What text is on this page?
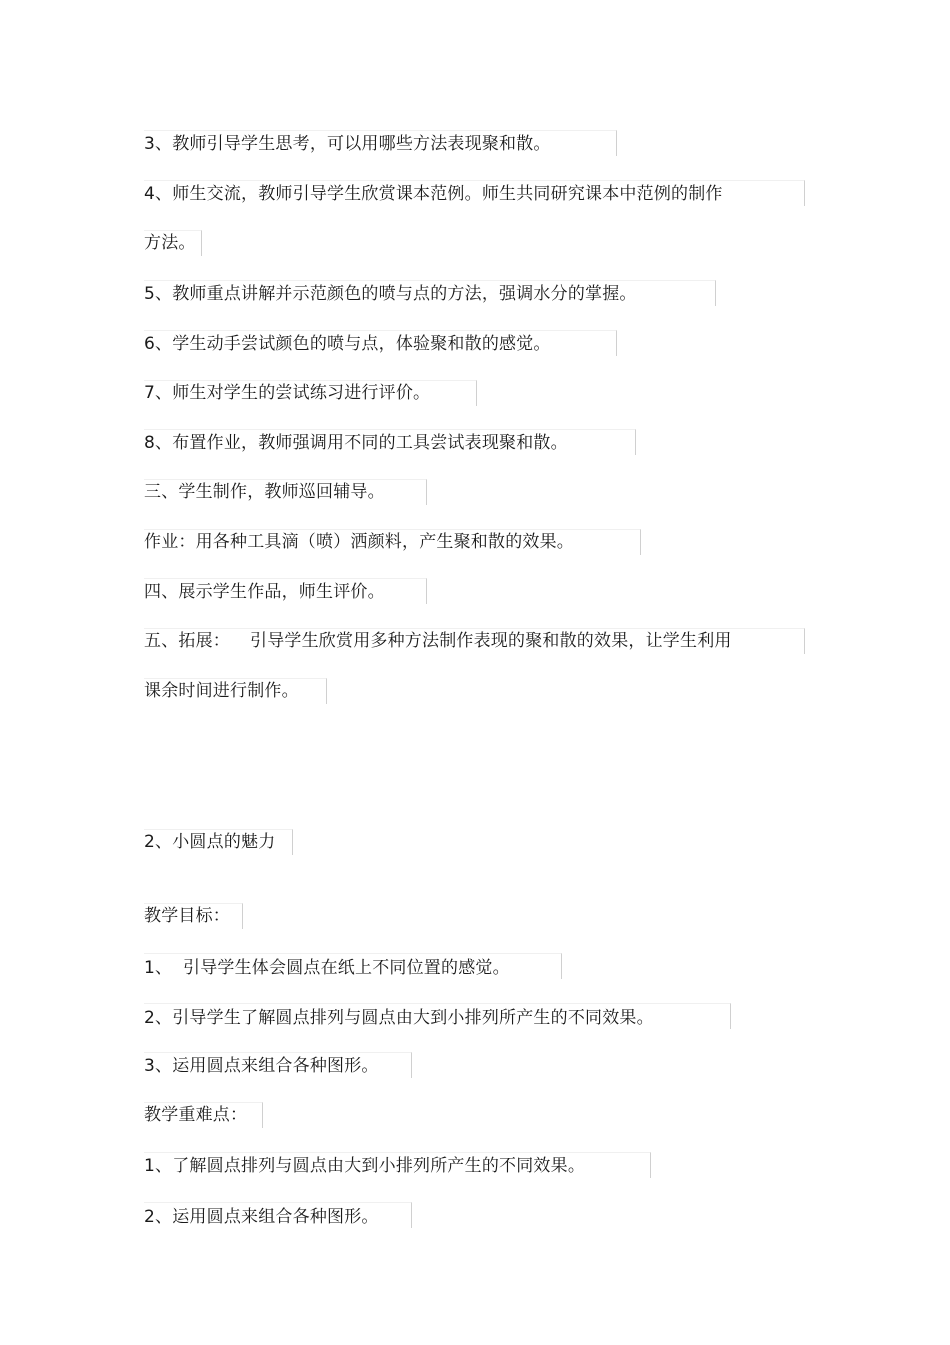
3、教师引导学生思考，可以用哪些方法表现聚和散。
4、师生交流，教师引导学生欣赏课本范例。师生共同研究课本中范例的制作
方法。
5、教师重点讲解并示范颜色的喷与点的方法，强调水分的掌握。
6、学生动手尝试颜色的喷与点，体验聚和散的感觉。
7、师生对学生的尝试练习进行评价。
8、布置作业，教师强调用不同的工具尝试表现聚和散。
三、学生制作，教师巡回辅导。
作业：用各种工具滴（喷）洒颜料，产生聚和散的效果。
四、展示学生作品，师生评价。
五、拓展： 引导学生欣赏用多种方法制作表现的聚和散的效果，让学生利用
课余时间进行制作。
2、小圆点的魅力
教学目标：
1、 引导学生体会圆点在纸上不同位置的感觉。
2、引导学生了解圆点排列与圆点由大到小排列所产生的不同效果。
3、运用圆点来组合各种图形。
教学重难点：
1、了解圆点排列与圆点由大到小排列所产生的不同效果。
2、运用圆点来组合各种图形。
